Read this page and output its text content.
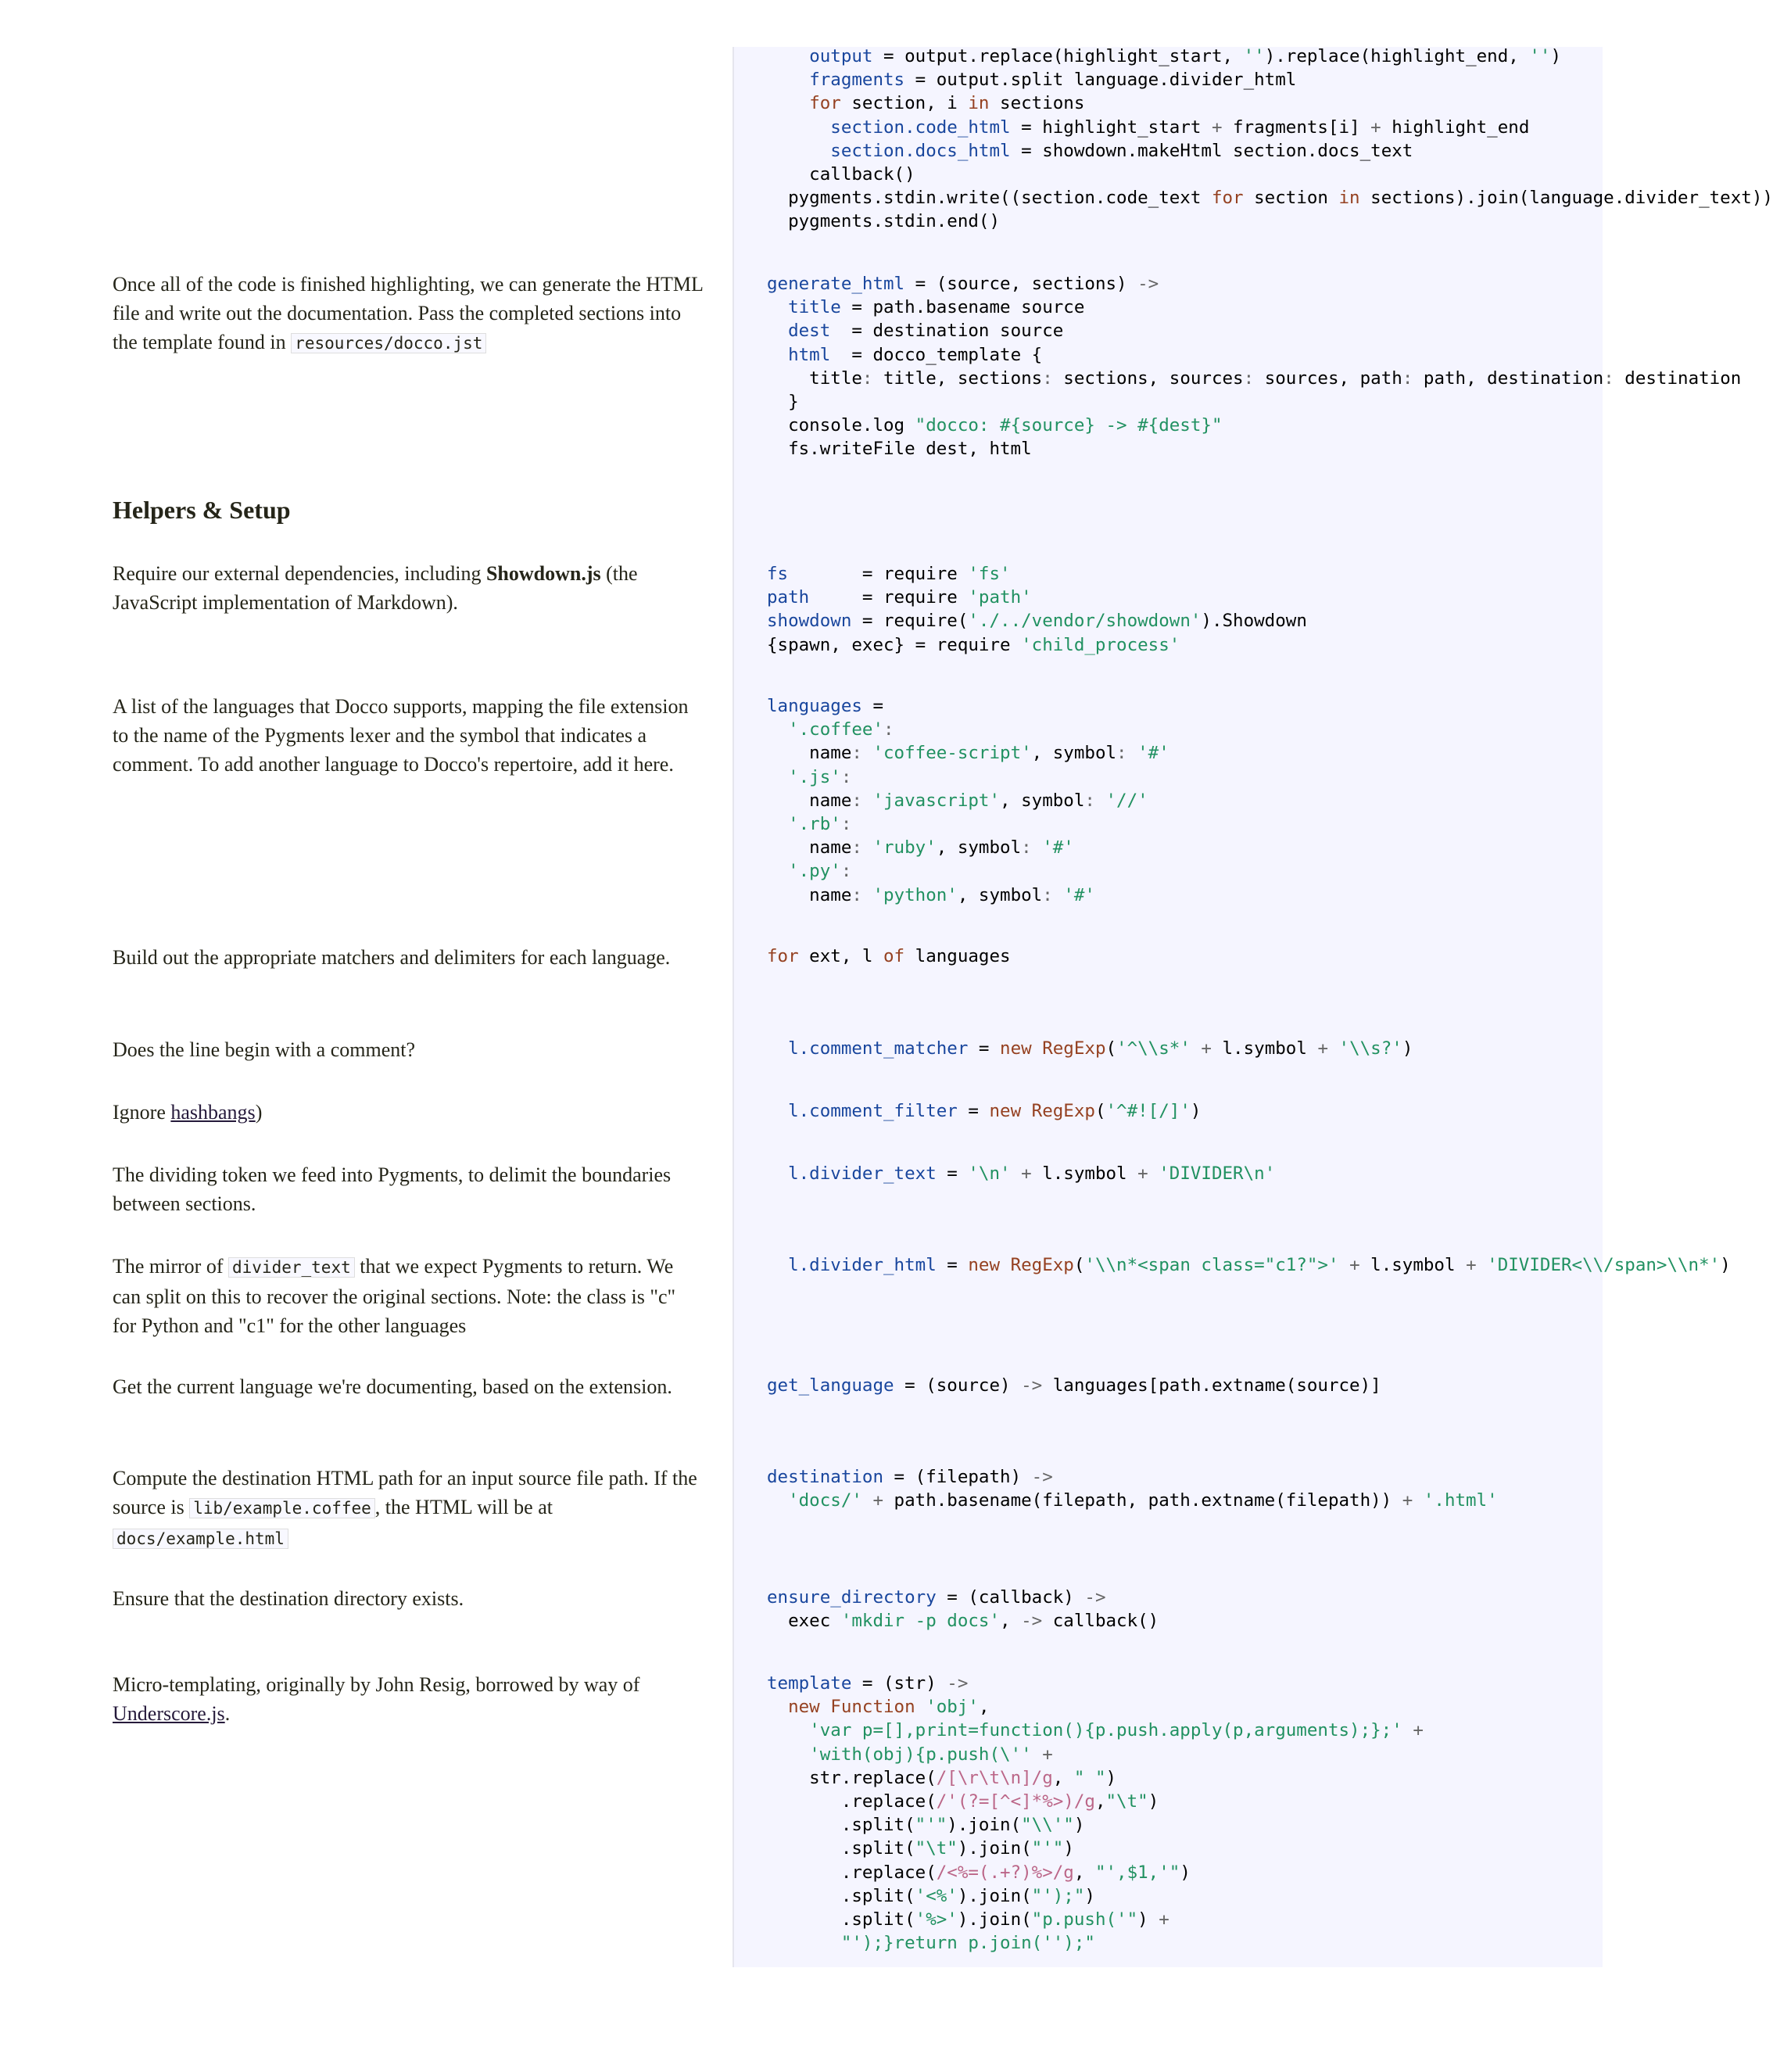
output = output.replace(highlight_start, '').replace(highlight_end, '')
fragments = output.split language.divider_html
for section, i in sections
section.code_html = highlight_start + fragments[i] + highlight_end
section.docs_html = showdown.makeHtml section.docs_text
callback()
pygments.stdin.write((section.code_text for section in sections).join(language.divider_text))
pygments.stdin.end()

Once all of the code is finished highlighting, we can generate the HTML file and write out the documentation. Pass the completed sections into the template found in resources/docco.jst

generate_html = (source, sections) ->
title = path.basename source
dest  = destination source
html  = docco_template {
title: title, sections: sections, sources: sources, path: path, destination: destination
}
console.log "docco: #{source} -> #{dest}"
fs.writeFile dest, html
Helpers & Setup

Require our external dependencies, including Showdown.js (the JavaScript implementation of Markdown).

fs       = require 'fs'
path     = require 'path'
showdown = require('./../vendor/showdown').Showdown
{spawn, exec} = require 'child_process'

A list of the languages that Docco supports, mapping the file extension to the name of the Pygments lexer and the symbol that indicates a comment. To add another language to Docco's repertoire, add it here.

languages =
'.coffee':
name: 'coffee-script', symbol: '#'
'.js':
name: 'javascript', symbol: '//'
'.rb':
name: 'ruby', symbol: '#'
'.py':
name: 'python', symbol: '#'

Build out the appropriate matchers and delimiters for each language.	for ext, l of languages

Does the line begin with a comment?	l.comment_matcher = new RegExp('^\\s*' + l.symbol + '\\s?')

Ignore hashbangs)	l.comment_filter = new RegExp('^#![/]')

The dividing token we feed into Pygments, to delimit the boundaries between sections.

l.divider_text = '\n' + l.symbol + 'DIVIDER\n'

The mirror of divider_text that we expect Pygments to return. We can split on this to recover the original sections. Note: the class is "c" for Python and "c1" for the other languages

l.divider_html = new RegExp('\\n*<span class="c1?">' + l.symbol + 'DIVIDER<\\/span>\\n*')

Get the current language we're documenting, based on the extension.	get_language = (source) -> languages[path.extname(source)]

Compute the destination HTML path for an input source file path. If the source is lib/example.coffee , the HTML will be at docs/example.html

destination = (filepath) ->
'docs/' + path.basename(filepath, path.extname(filepath)) + '.html'

Ensure that the destination directory exists.	ensure_directory = (callback) ->
exec 'mkdir -p docs', -> callback()

Micro-templating, originally by John Resig, borrowed by way of Underscore.js.

template = (str) ->
new Function 'obj',
'var p=[],print=function(){p.push.apply(p,arguments);};' +
'with(obj){p.push(\'' +
str.replace(/[\r\t\n]/g, " ")
.replace(/'(?=[^<]*%>)/g,"\t")
.split("'").join("\\'")
.split("\t").join("'")
.replace(/<%=(.+?)%>/g, "',$1,'")
.split('<%').join("');")
.split('%>').join("p.push('") +
"');}return p.join('');"
